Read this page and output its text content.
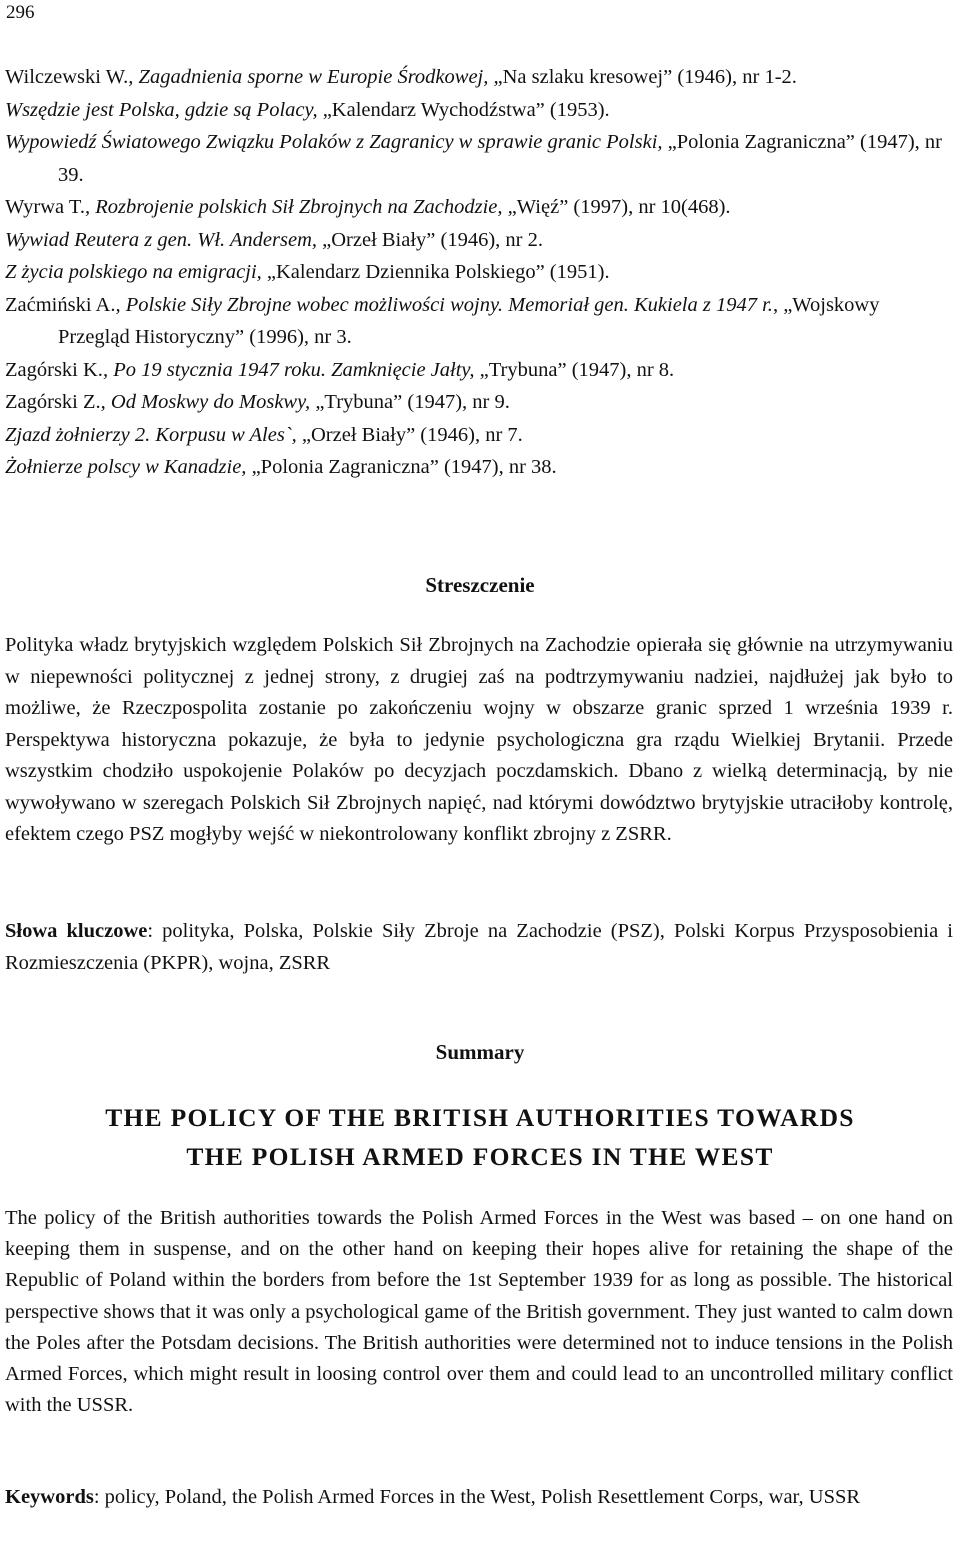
296
Wilczewski W., Zagadnienia sporne w Europie Środkowej, „Na szlaku kresowej” (1946), nr 1-2.
Wszędzie jest Polska, gdzie są Polacy, „Kalendarz Wychodźstwa” (1953).
Wypowiedź Światowego Związku Polaków z Zagranicy w sprawie granic Polski, „Polonia Zagraniczna” (1947), nr 39.
Wyrwa T., Rozbrojenie polskich Sił Zbrojnych na Zachodzie, „Więź” (1997), nr 10(468).
Wywiad Reutera z gen. Wł. Andersem, „Orzeł Biały” (1946), nr 2.
Z życia polskiego na emigracji, „Kalendarz Dziennika Polskiego” (1951).
Zaćmiński A., Polskie Siły Zbrojne wobec możliwości wojny. Memoriał gen. Kukiela z 1947 r., „Wojskowy Przegląd Historyczny” (1996), nr 3.
Zagórski K., Po 19 stycznia 1947 roku. Zamknięcie Jałty, „Trybuna” (1947), nr 8.
Zagórski Z., Od Moskwy do Moskwy, „Trybuna” (1947), nr 9.
Zjazd żołnierzy 2. Korpusu w Ales`, „Orzeł Biały” (1946), nr 7.
Żołnierze polscy w Kanadzie, „Polonia Zagraniczna” (1947), nr 38.
Streszczenie
Polityka władz brytyjskich względem Polskich Sił Zbrojnych na Zachodzie opierała się głównie na utrzymywaniu w niepewności politycznej z jednej strony, z drugiej zaś na podtrzymywaniu nadziei, najdłużej jak było to możliwe, że Rzeczpospolita zostanie po zakończeniu wojny w obszarze granic sprzed 1 września 1939 r. Perspektywa historyczna pokazuje, że była to jedynie psychologiczna gra rządu Wielkiej Brytanii. Przede wszystkim chodziło uspokojenie Polaków po decyzjach poczdamskich. Dbano z wielką determinacją, by nie wywoływano w szeregach Polskich Sił Zbrojnych napięć, nad którymi dowództwo brytyjskie utraciłoby kontrolę, efektem czego PSZ mogłyby wejść w niekontrolowany konflikt zbrojny z ZSRR.
Słowa kluczowe: polityka, Polska, Polskie Siły Zbroje na Zachodzie (PSZ), Polski Korpus Przysposobienia i Rozmieszczenia (PKPR), wojna, ZSRR
Summary
THE POLICY OF THE BRITISH AUTHORITIES TOWARDS
THE POLISH ARMED FORCES IN THE WEST
The policy of the British authorities towards the Polish Armed Forces in the West was based – on one hand on keeping them in suspense, and on the other hand on keeping their hopes alive for retaining the shape of the Republic of Poland within the borders from before the 1st September 1939 for as long as possible. The historical perspective shows that it was only a psychological game of the British government. They just wanted to calm down the Poles after the Potsdam decisions. The British authorities were determined not to induce tensions in the Polish Armed Forces, which might result in loosing control over them and could lead to an uncontrolled military conflict with the USSR.
Keywords: policy, Poland, the Polish Armed Forces in the West, Polish Resettlement Corps, war, USSR
